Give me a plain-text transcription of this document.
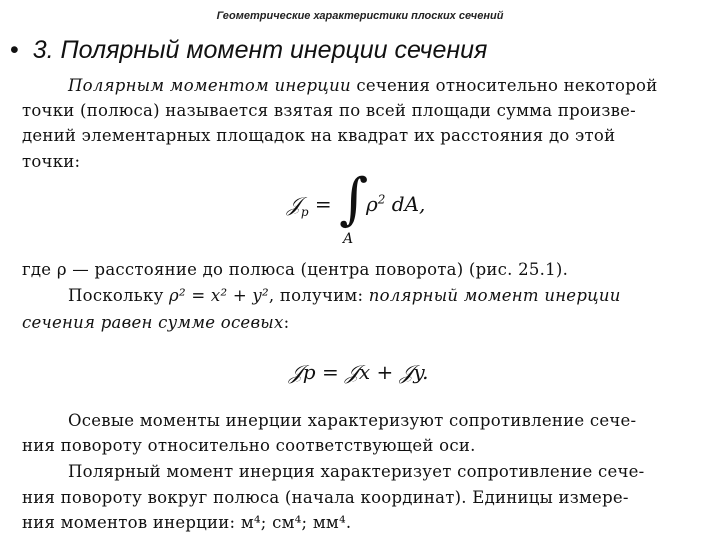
Геометрические характеристики плоских сечений
• 3. Полярный момент инерции сечения
Полярным моментом инерции сечения относительно некоторой
точки (полюса) называется взятая по всей площади сумма произве-
дений элементарных площадок на квадрат их расстояния до этой
точки:
𝒥$_p$ = ∫
A
$\rho^2$ dA,
где ρ — расстояние до полюса (центра поворота) (рис. 25.1).
Поскольку ρ² = x² + y², получим: полярный момент инерции
сечения равен сумме осевых:
𝒥p = 𝒥x + 𝒥y.
Осевые моменты инерции характеризуют сопротивление сече-
ния повороту относительно соответствующей оси.
Полярный момент инерция характеризует сопротивление сече-
ния повороту вокруг полюса (начала координат). Единицы измере-
ния моментов инерции: м⁴; см⁴; мм⁴.
